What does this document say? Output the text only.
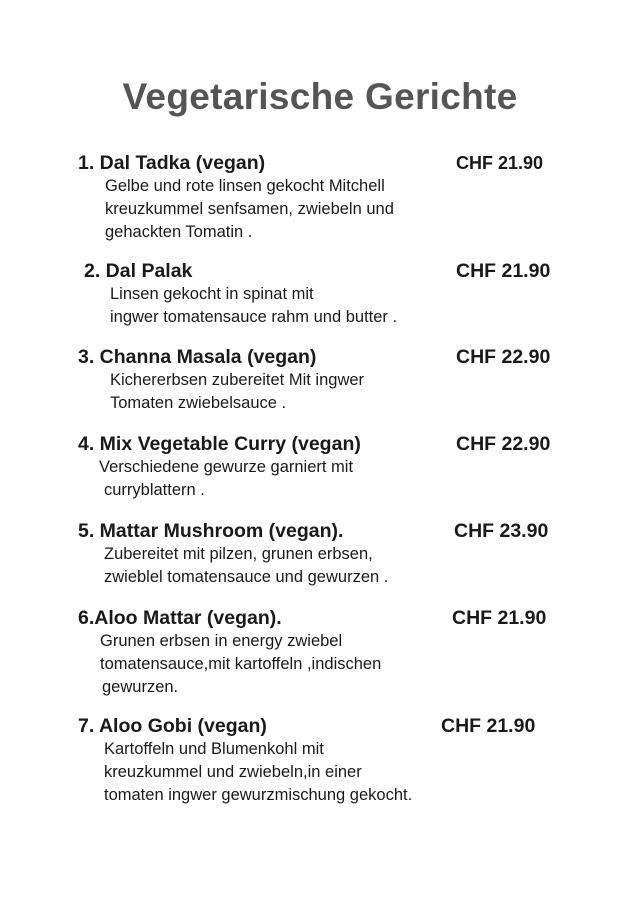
Vegetarische Gerichte
1. Dal Tadka (vegan)	CHF 21.90
Gelbe und rote linsen gekocht Mitchell
kreuzkummel senfsamen, zwiebeln und
gehackten Tomatin .
2. Dal Palak	CHF 21.90
Linsen gekocht in spinat mit
ingwer tomatensauce rahm und butter .
3. Channa Masala (vegan)	CHF 22.90
Kichererbsen zubereitet Mit ingwer
Tomaten zwiebelsauce .
4. Mix Vegetable Curry (vegan)	CHF 22.90
Verschiedene gewurze garniert mit
curryblattern .
5. Mattar Mushroom (vegan).	CHF 23.90
Zubereitet mit pilzen, grunen erbsen,
zwieblel tomatensauce und gewurzen .
6.Aloo Mattar (vegan).	CHF 21.90
Grunen erbsen in energy zwiebel
tomatensauce,mit kartoffeln ,indischen
gewurzen.
7. Aloo Gobi (vegan)	CHF 21.90
Kartoffeln und Blumenkohl mit
kreuzkummel und zwiebeln,in einer
tomaten ingwer gewurzmischung gekocht.
